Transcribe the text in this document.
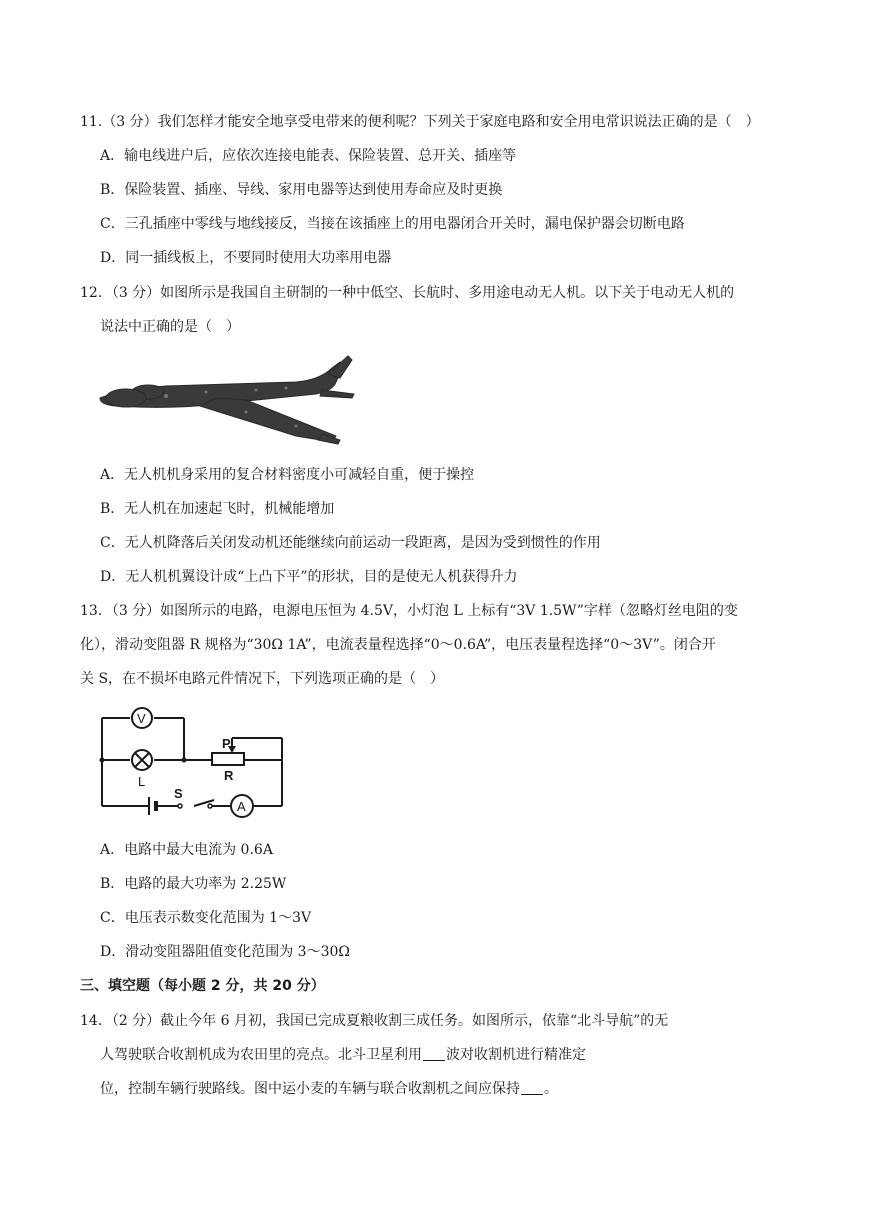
11.（3 分）我们怎样才能安全地享受电带来的便利呢？下列关于家庭电路和安全用电常识说法正确的是（　）
A．输电线进户后，应依次连接电能表、保险装置、总开关、插座等
B．保险装置、插座、导线、家用电器等达到使用寿命应及时更换
C．三孔插座中零线与地线接反，当接在该插座上的用电器闭合开关时，漏电保护器会切断电路
D．同一插线板上，不要同时使用大功率用电器
12．（3 分）如图所示是我国自主研制的一种中低空、长航时、多用途电动无人机。以下关于电动无人机的
说法中正确的是（　）
A．无人机机身采用的复合材料密度小可减轻自重，便于操控
B．无人机在加速起飞时，机械能增加
C．无人机降落后关闭发动机还能继续向前运动一段距离，是因为受到惯性的作用
D．无人机机翼设计成“上凸下平”的形状，目的是使无人机获得升力
13．（3 分）如图所示的电路，电源电压恒为 4.5V，小灯泡 L 上标有“3V 1.5W”字样（忽略灯丝电阻的变
化），滑动变阻器 R 规格为“30Ω 1A”，电流表量程选择“0～0.6A”，电压表量程选择“0～3V”。闭合开
关 S，在不损坏电路元件情况下，下列选项正确的是（　）
V
L
P
R
S
A
A．电路中最大电流为 0.6A
B．电路的最大功率为 2.25W
C．电压表示数变化范围为 1～3V
D．滑动变阻器阻值变化范围为 3～30Ω
三、填空题（每小题 2 分，共 20 分）
14．（2 分）截止今年 6 月初，我国已完成夏粮收割三成任务。如图所示，依靠“北斗导航”的无
人驾驶联合收割机成为农田里的亮点。北斗卫星利用 波对收割机进行精准定
位，控制车辆行驶路线。图中运小麦的车辆与联合收割机之间应保持 。
